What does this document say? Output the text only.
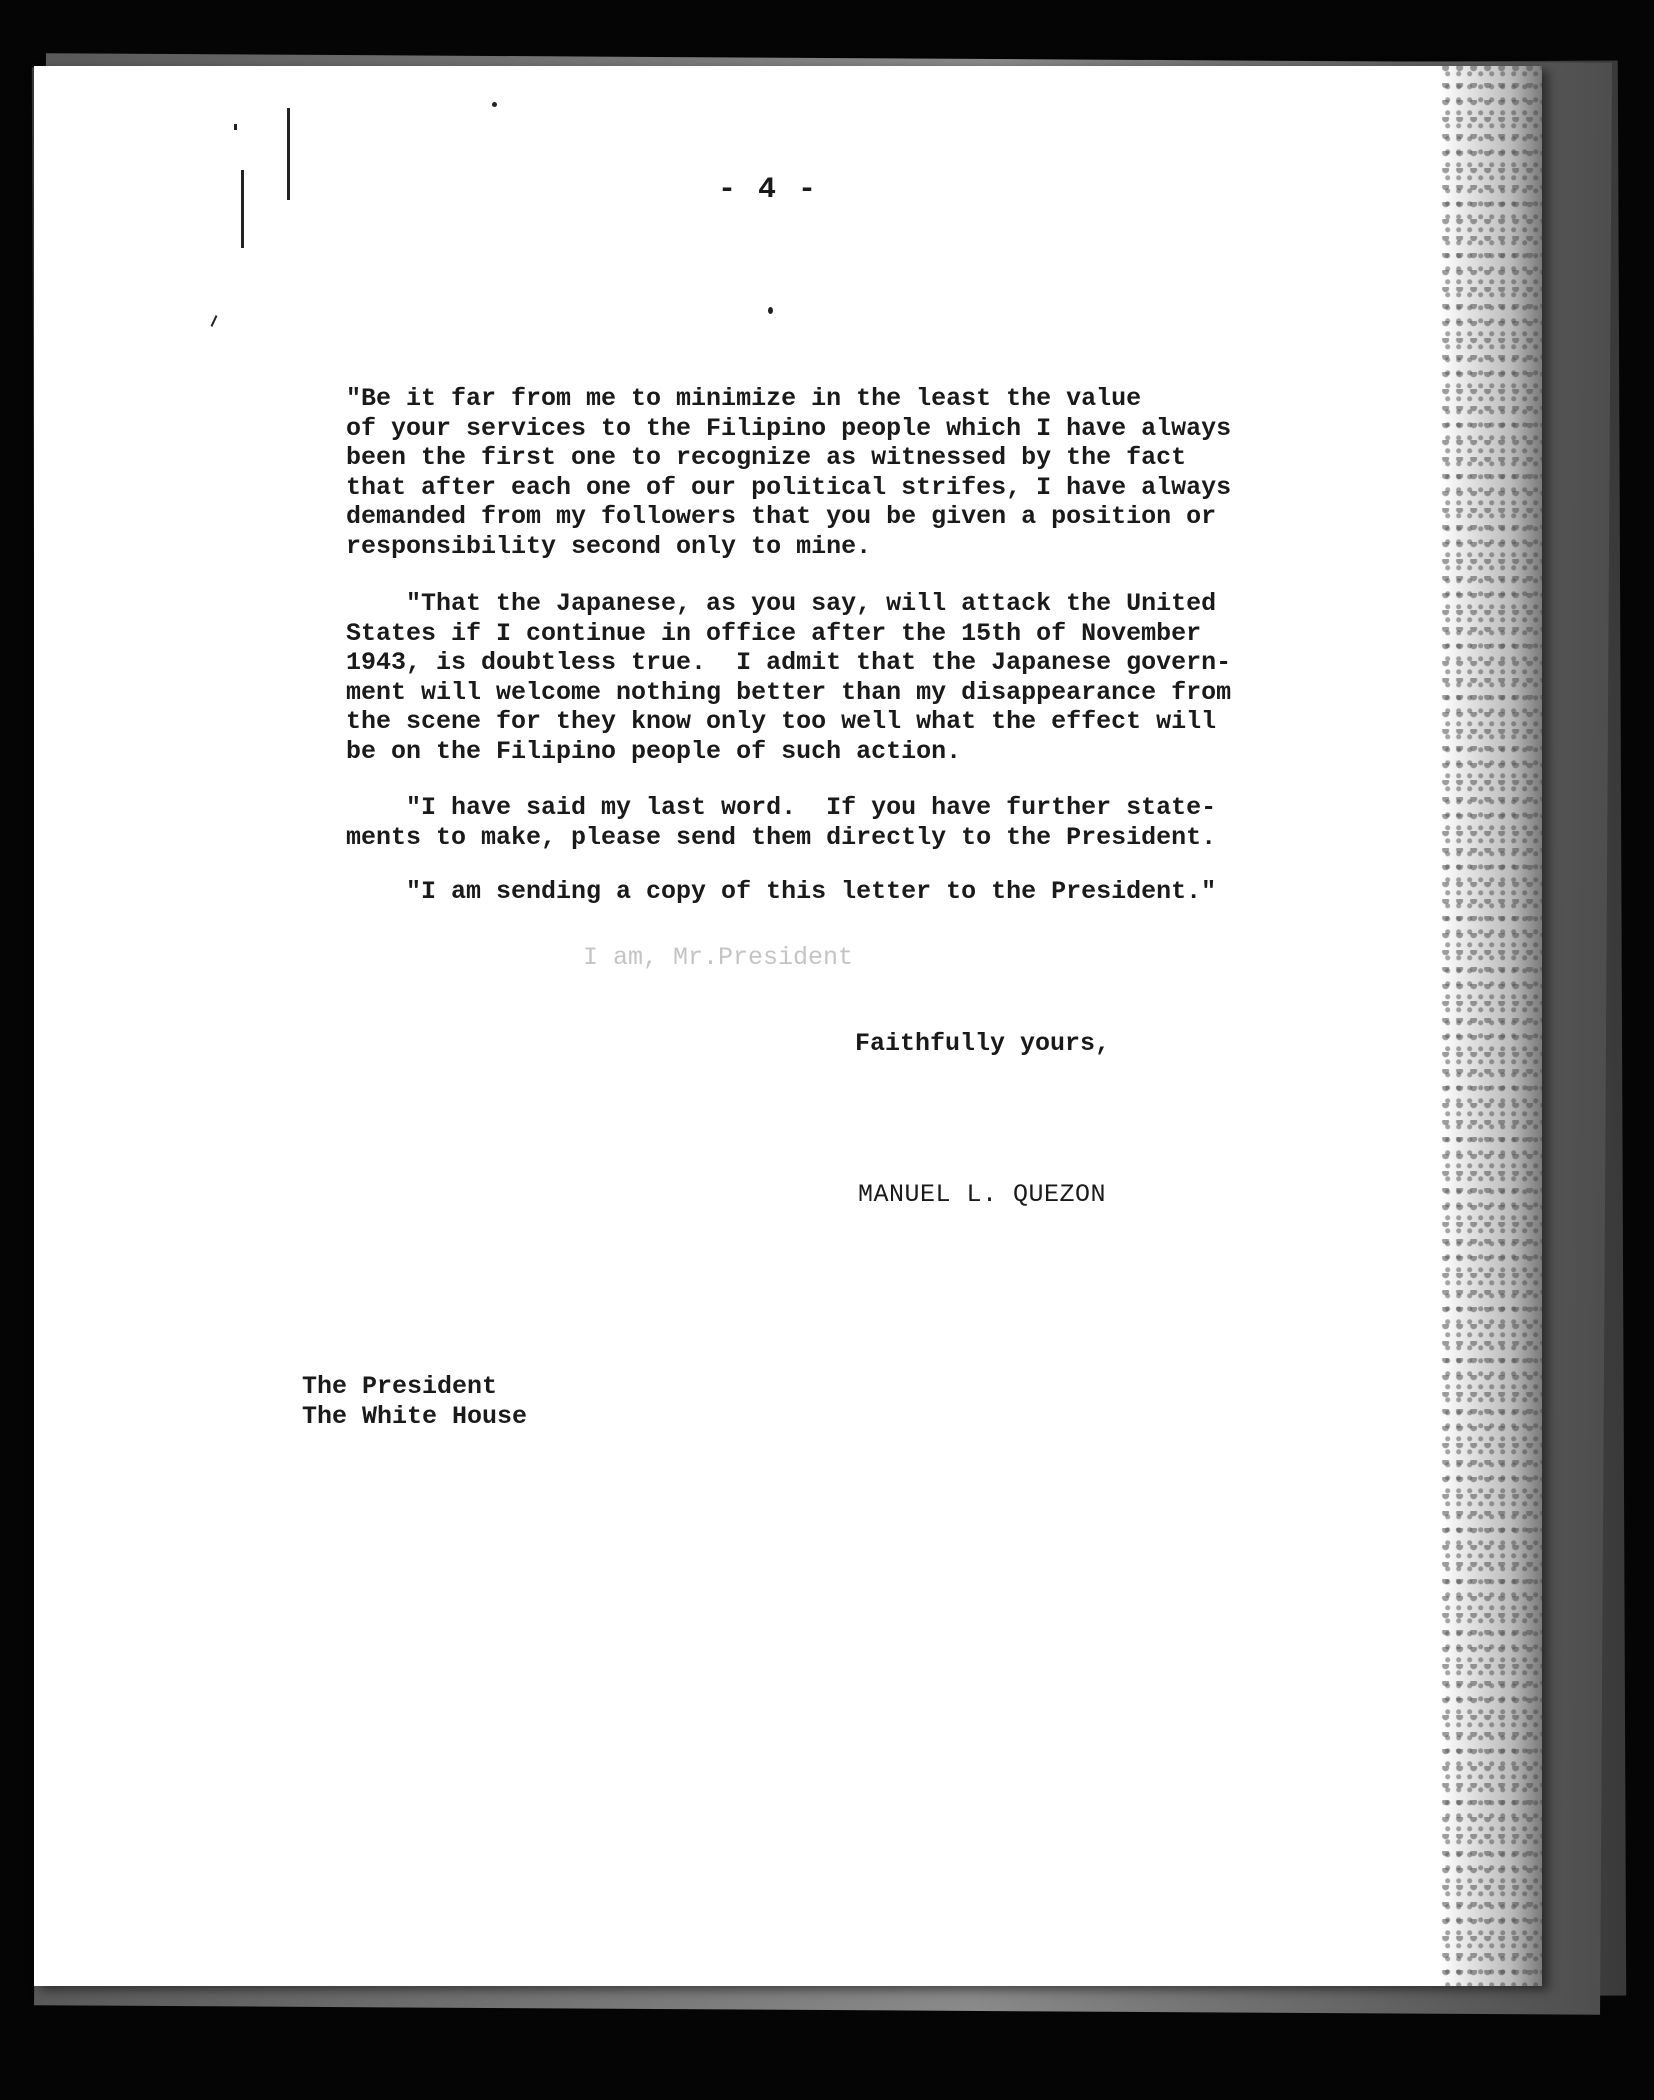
- 4 -

"Be it far from me to minimize in the least the value
of your services to the Filipino people which I have always
been the first one to recognize as witnessed by the fact
that after each one of our political strifes, I have always
demanded from my followers that you be given a position or
responsibility second only to mine.

"That the Japanese, as you say, will attack the United
States if I continue in office after the 15th of November
1943, is doubtless true.  I admit that the Japanese govern-
ment will welcome nothing better than my disappearance from
the scene for they know only too well what the effect will
be on the Filipino people of such action.

"I have said my last word.  If you have further state-
ments to make, please send them directly to the President.

"I am sending a copy of this letter to the President."

I am, Mr.President

Faithfully yours,

MANUEL L. QUEZON

The President
The White House
